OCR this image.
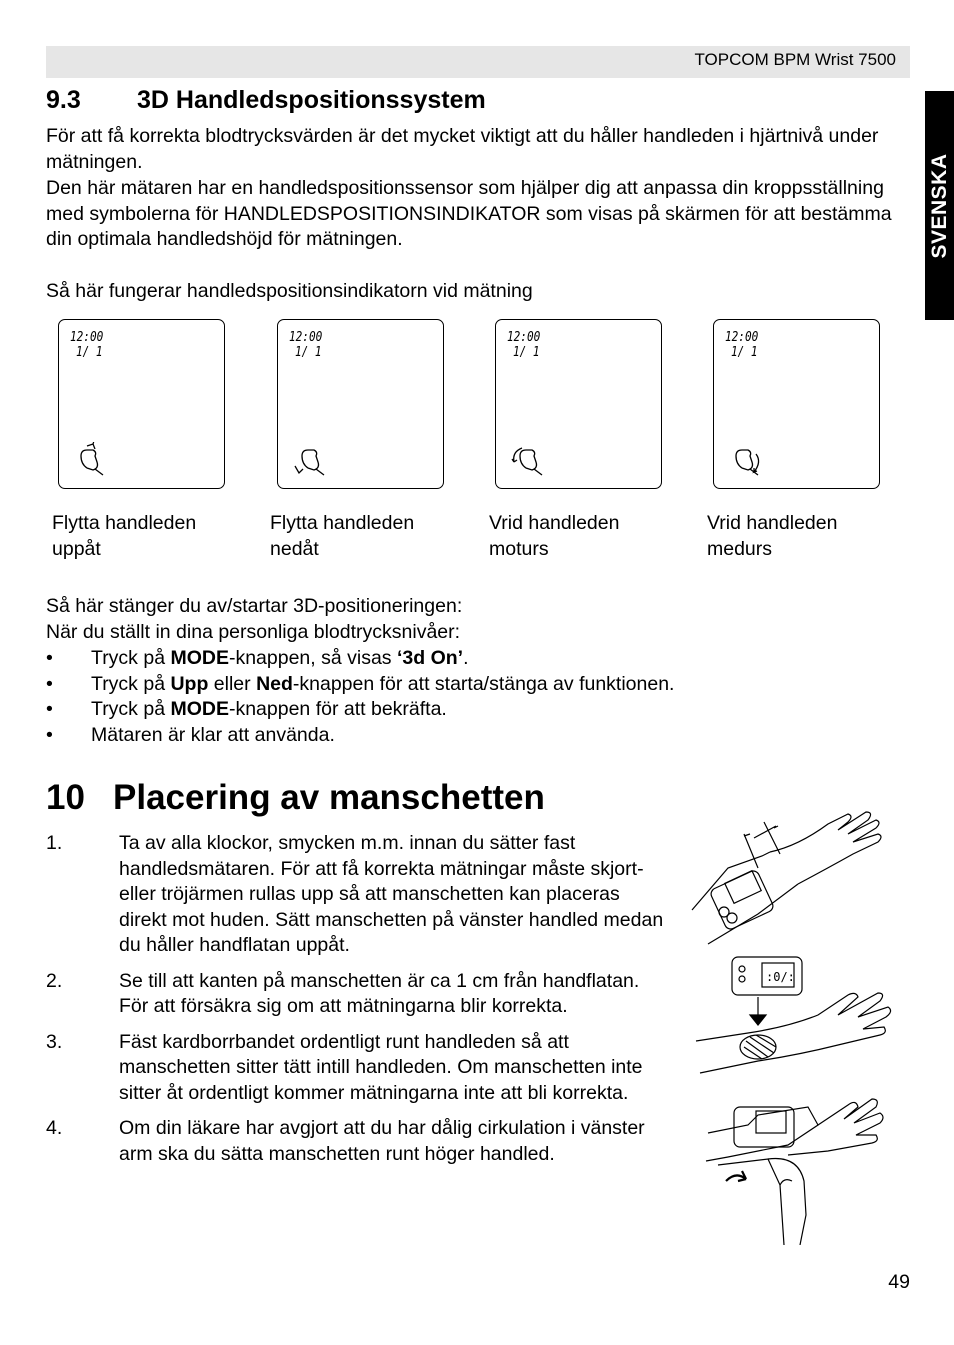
TOPCOM BPM Wrist 7500
SVENSKA
9.3 3D Handledspositionssystem
För att få korrekta blodtrycksvärden är det mycket viktigt att du håller handleden i hjärtnivå under mätningen.
Den här mätaren har en handledspositionssensor som hjälper dig att anpassa din kroppsställning med symbolerna för HANDLEDSPOSITIONSINDIKATOR som visas på skärmen för att bestämma din optimala handledshöjd för mätningen.
Så här fungerar handledspositionsindikatorn vid mätning
12:00
1/ 1
12:00
1/ 1
12:00
1/ 1
12:00
1/ 1
Flytta handleden
uppåt
Flytta handleden
nedåt
Vrid handleden
moturs
Vrid handleden
medurs
Så här stänger du av/startar 3D-positioneringen:
När du ställt in dina personliga blodtrycksnivåer:
• Tryck på MODE-knappen, så visas ‘3d On’.
• Tryck på Upp eller Ned-knappen för att starta/stänga av funktionen.
• Tryck på MODE-knappen för att bekräfta.
• Mätaren är klar att använda.
10 Placering av manschetten
1.	Ta av alla klockor, smycken m.m. innan du sätter fast handledsmätaren. För att få korrekta mätningar måste skjort- eller tröjärmen rullas upp så att manschetten kan placeras direkt mot huden. Sätt manschetten på vänster handled medan du håller handflatan uppåt.
2.	Se till att kanten på manschetten är ca 1 cm från handflatan. För att försäkra sig om att mätningarna blir korrekta.
3.	Fäst kardborrbandet ordentligt runt handleden så att manschetten sitter tätt intill handleden. Om manschetten inte sitter åt ordentligt kommer mätningarna inte att bli korrekta.
4.	Om din läkare har avgjort att du har dålig cirkulation i vänster arm ska du sätta manschetten runt höger handled.
:0/:
49
